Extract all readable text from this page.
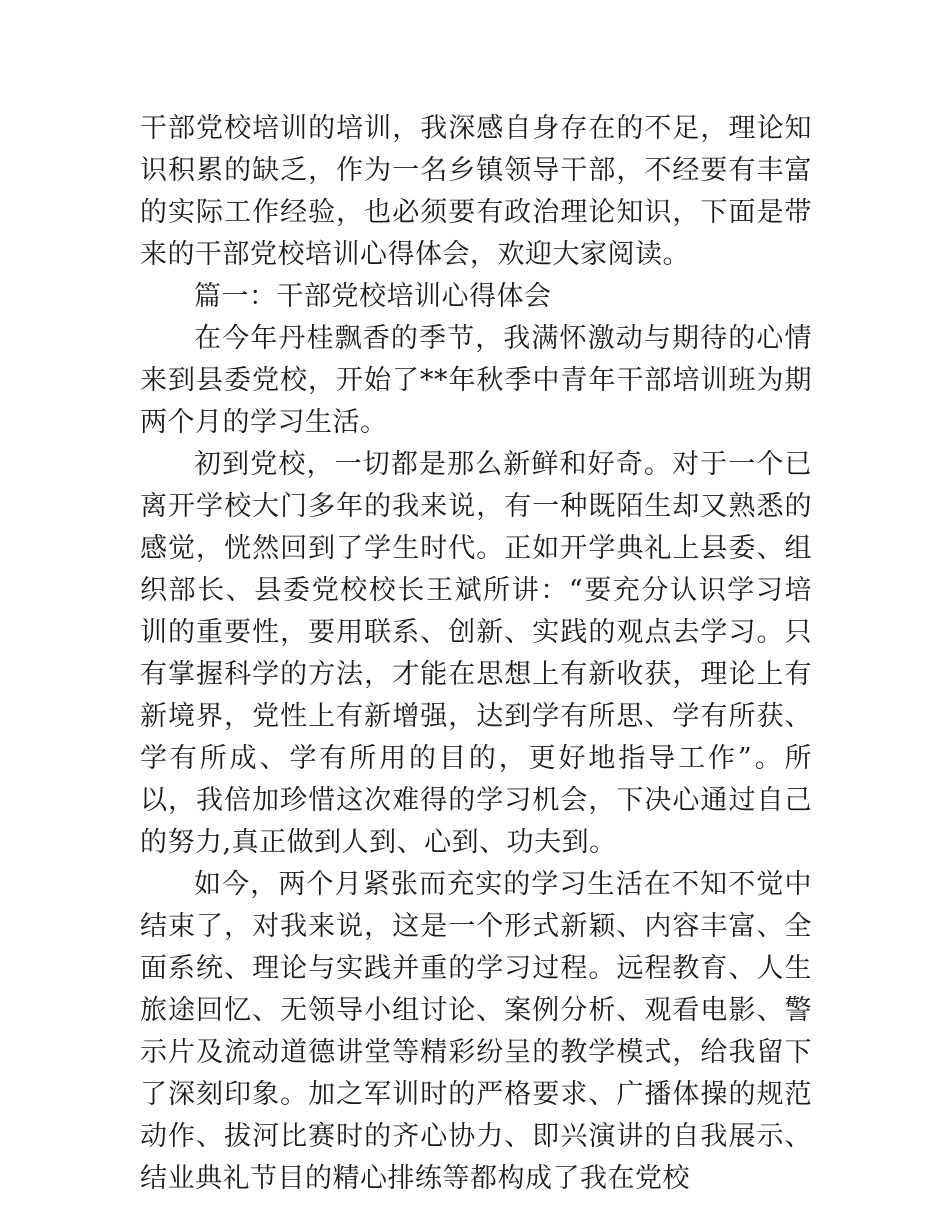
干部党校培训的培训，我深感自身存在的不足，理论知识积累的缺乏，作为一名乡镇领导干部，不经要有丰富的实际工作经验，也必须要有政治理论知识，下面是带来的干部党校培训心得体会，欢迎大家阅读。

篇一：干部党校培训心得体会

在今年丹桂飘香的季节，我满怀激动与期待的心情来到县委党校，开始了**年秋季中青年干部培训班为期两个月的学习生活。

初到党校，一切都是那么新鲜和好奇。对于一个已离开学校大门多年的我来说，有一种既陌生却又熟悉的感觉，恍然回到了学生时代。正如开学典礼上县委、组织部长、县委党校校长王斌所讲：“要充分认识学习培训的重要性，要用联系、创新、实践的观点去学习。只有掌握科学的方法，才能在思想上有新收获，理论上有新境界，党性上有新增强，达到学有所思、学有所获、学有所成、学有所用的目的，更好地指导工作”。所以，我倍加珍惜这次难得的学习机会，下决心通过自己的努力,真正做到人到、心到、功夫到。

如今，两个月紧张而充实的学习生活在不知不觉中结束了，对我来说，这是一个形式新颖、内容丰富、全面系统、理论与实践并重的学习过程。远程教育、人生旅途回忆、无领导小组讨论、案例分析、观看电影、警示片及流动道德讲堂等精彩纷呈的教学模式，给我留下了深刻印象。加之军训时的严格要求、广播体操的规范动作、拔河比赛时的齐心协力、即兴演讲的自我展示、结业典礼节目的精心排练等都构成了我在党校
